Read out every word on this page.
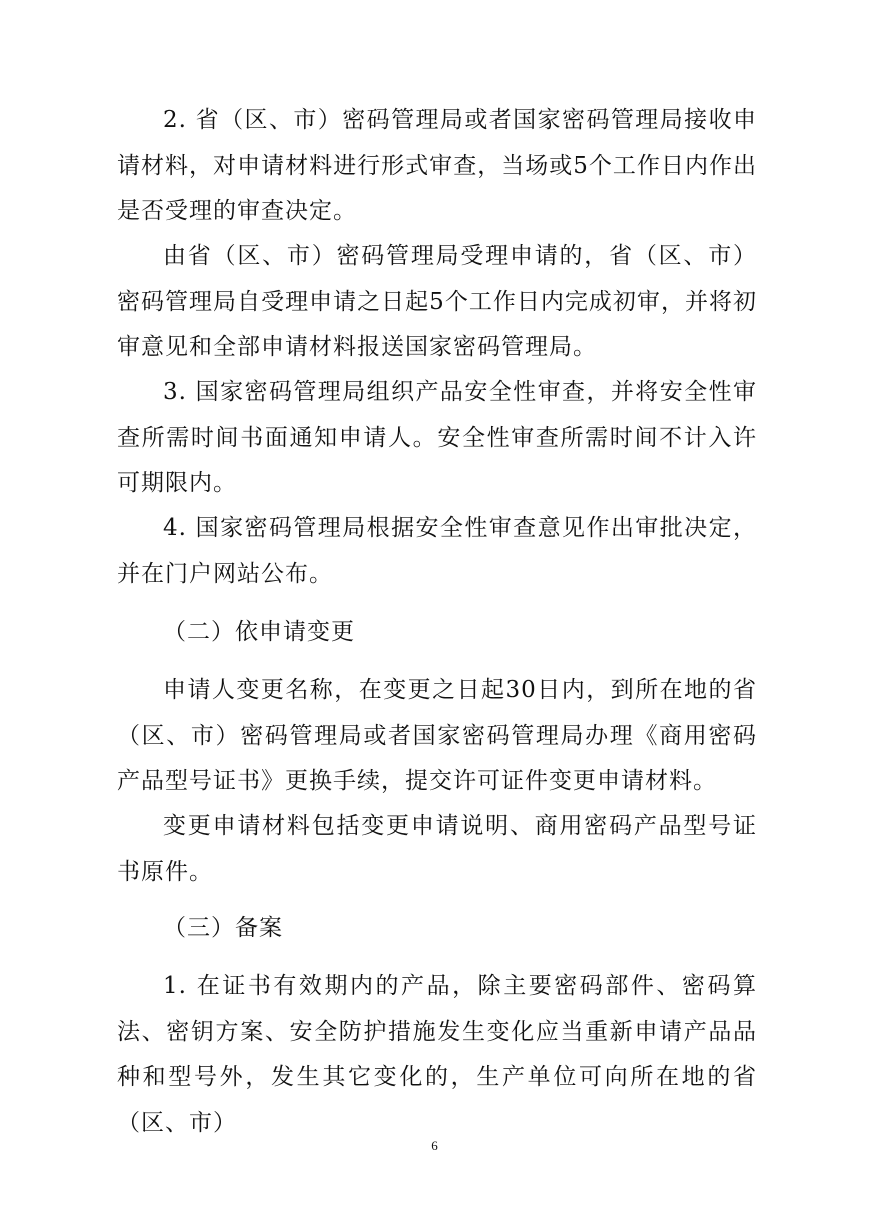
2. 省（区、市）密码管理局或者国家密码管理局接收申请材料，对申请材料进行形式审查，当场或5个工作日内作出是否受理的审查决定。

由省（区、市）密码管理局受理申请的，省（区、市）密码管理局自受理申请之日起5个工作日内完成初审，并将初审意见和全部申请材料报送国家密码管理局。

3. 国家密码管理局组织产品安全性审查，并将安全性审查所需时间书面通知申请人。安全性审查所需时间不计入许可期限内。

4. 国家密码管理局根据安全性审查意见作出审批决定，并在门户网站公布。

（二）依申请变更

申请人变更名称，在变更之日起30日内，到所在地的省（区、市）密码管理局或者国家密码管理局办理《商用密码产品型号证书》更换手续，提交许可证件变更申请材料。

变更申请材料包括变更申请说明、商用密码产品型号证书原件。

（三）备案

1. 在证书有效期内的产品，除主要密码部件、密码算法、密钥方案、安全防护措施发生变化应当重新申请产品品种和型号外，发生其它变化的，生产单位可向所在地的省（区、市）

6
